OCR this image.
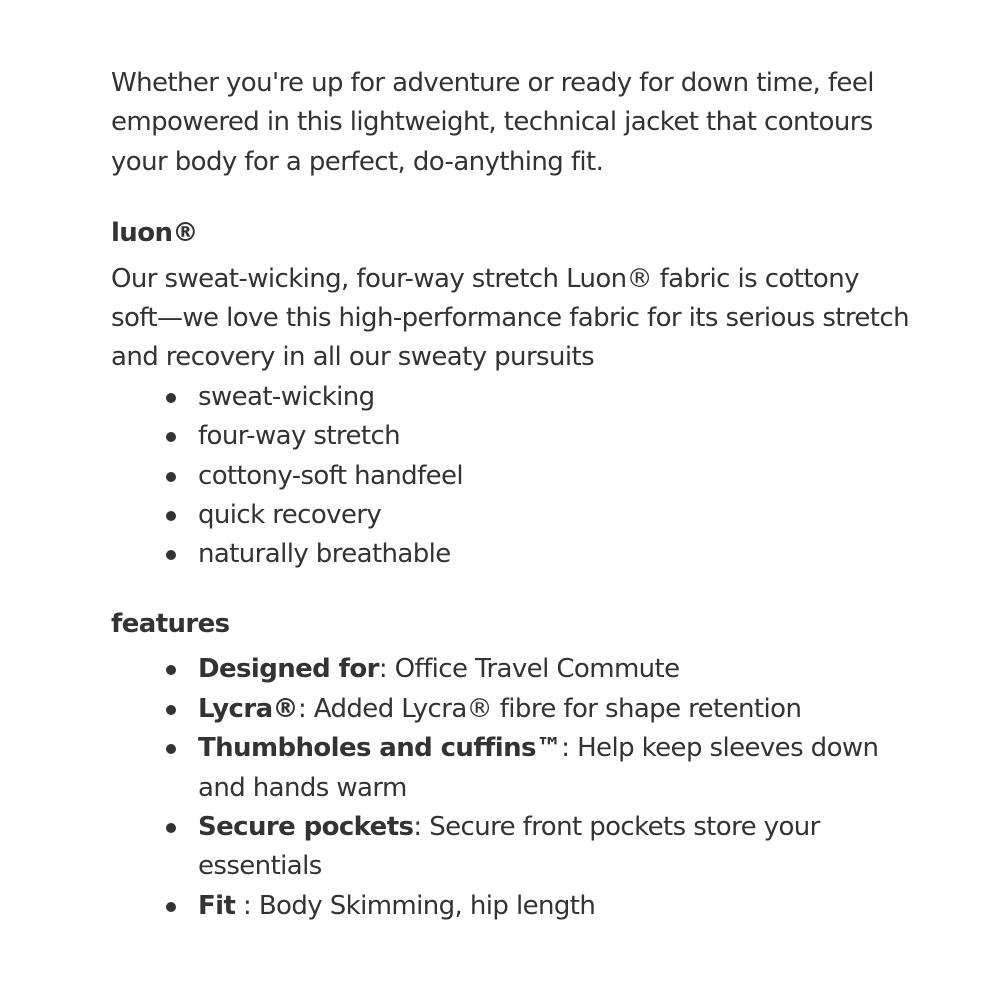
Whether you're up for adventure or ready for down time, feel empowered in this lightweight, technical jacket that contours your body for a perfect, do-anything fit.

luon®

Our sweat-wicking, four-way stretch Luon® fabric is cottony soft—we love this high-performance fabric for its serious stretch and recovery in all our sweaty pursuits

sweat-wicking
four-way stretch
cottony-soft handfeel
quick recovery
naturally breathable
features
Designed for: Office Travel Commute
Lycra®: Added Lycra® fibre for shape retention
Thumbholes and cuffins™: Help keep sleeves down and hands warm
Secure pockets: Secure front pockets store your essentials
Fit : Body Skimming, hip length
